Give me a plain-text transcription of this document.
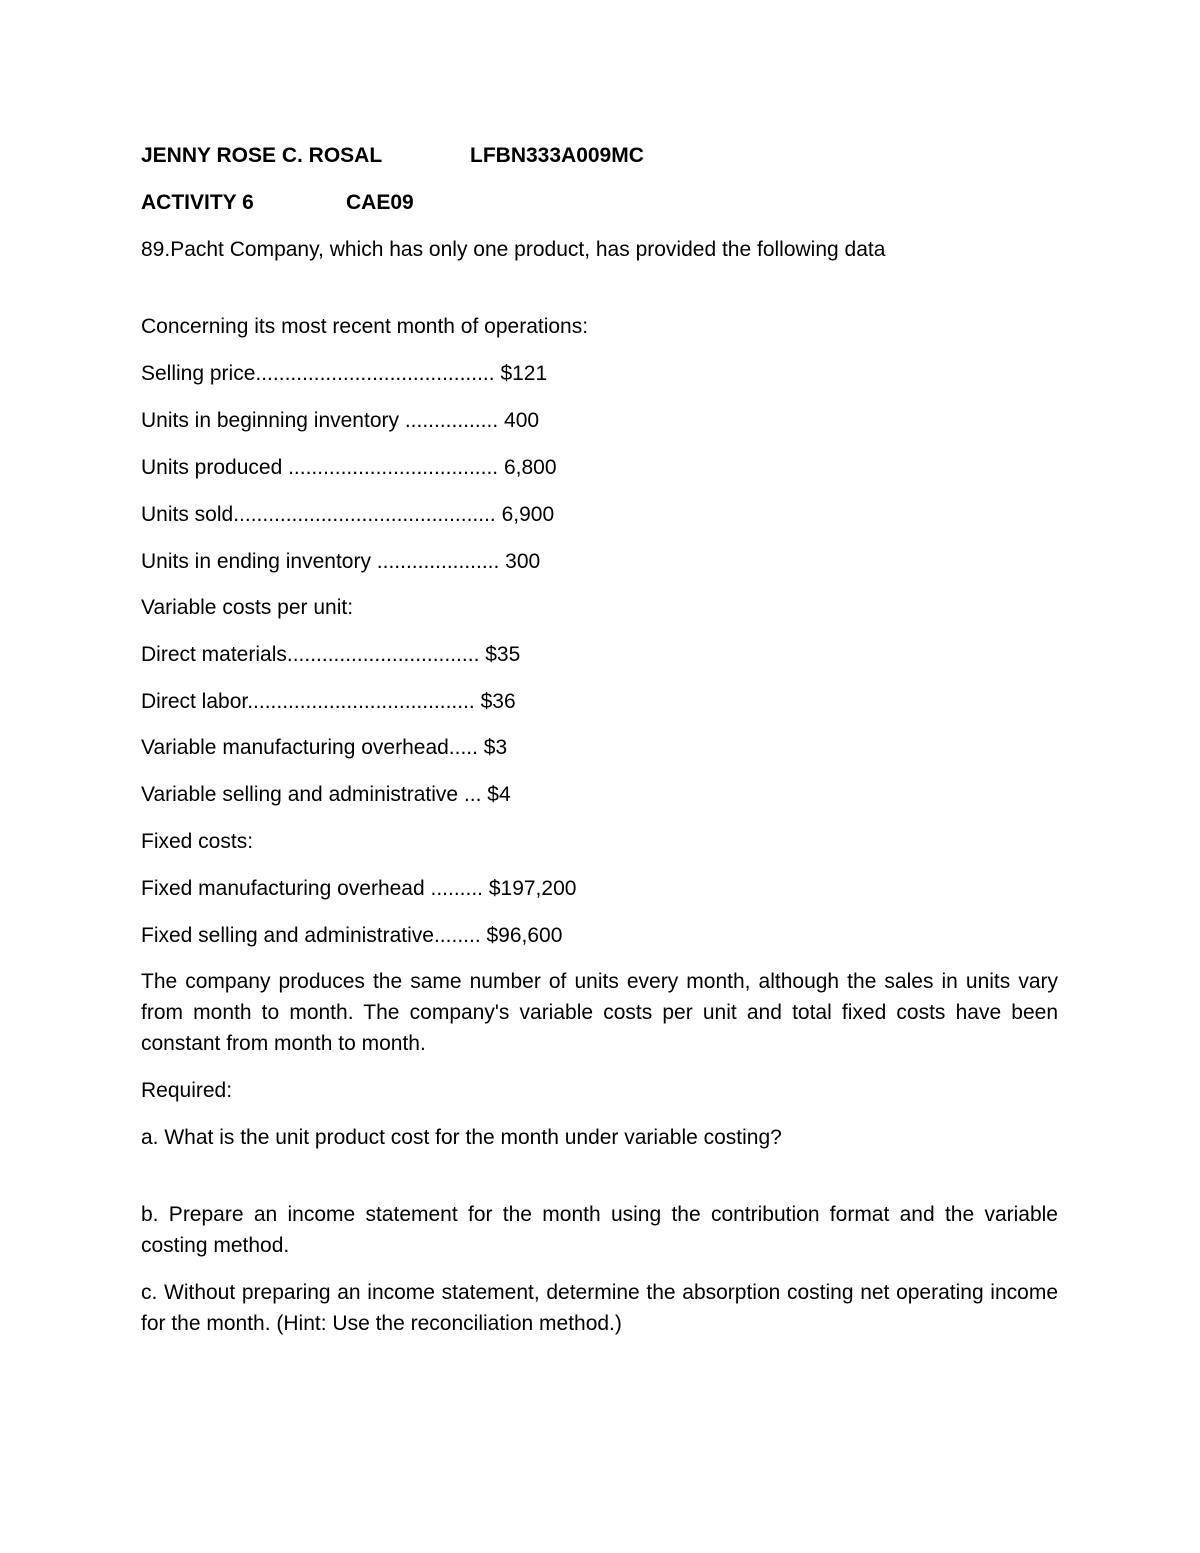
JENNY ROSE C. ROSAL	LFBN333A009MC
ACTIVITY 6	CAE09
89.Pacht Company, which has only one product, has provided the following data
Concerning its most recent month of operations:
Selling price......................................... $121
Units in beginning inventory ................ 400
Units produced .................................... 6,800
Units sold............................................. 6,900
Units in ending inventory ..................... 300
Variable costs per unit:
Direct materials................................. $35
Direct labor....................................... $36
Variable manufacturing overhead..... $3
Variable selling and administrative ... $4
Fixed costs:
Fixed manufacturing overhead ......... $197,200
Fixed selling and administrative........ $96,600
The company produces the same number of units every month, although the sales in units vary from month to month. The company's variable costs per unit and total fixed costs have been constant from month to month.
Required:
a. What is the unit product cost for the month under variable costing?
b. Prepare an income statement for the month using the contribution format and the variable costing method.
c. Without preparing an income statement, determine the absorption costing net operating income for the month. (Hint: Use the reconciliation method.)
